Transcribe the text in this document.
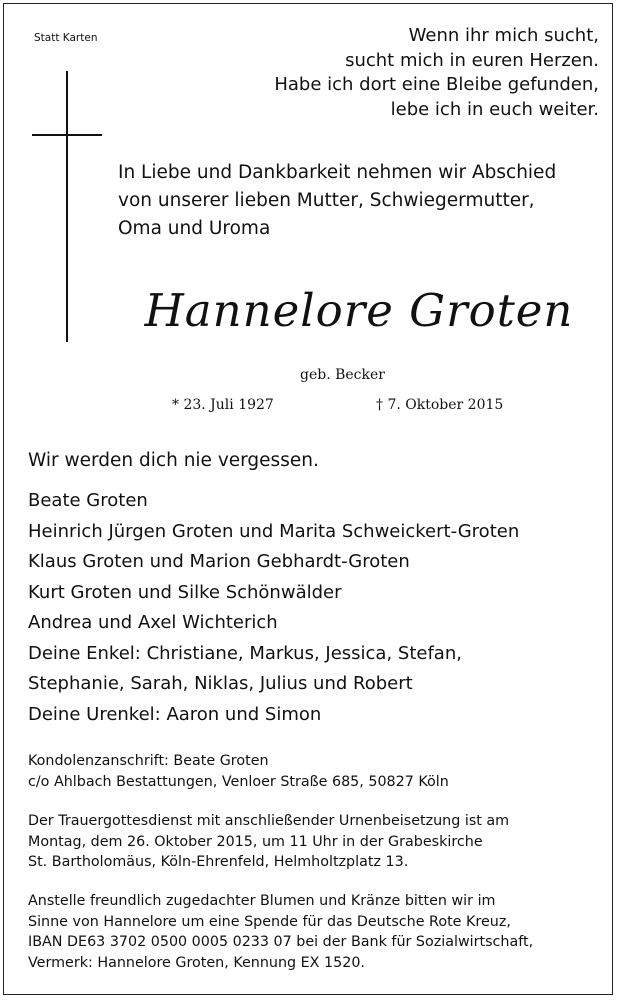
Statt Karten	Wenn ihr mich sucht,
sucht mich in euren Herzen.
Habe ich dort eine Bleibe gefunden,
lebe ich in euch weiter.
In Liebe und Dankbarkeit nehmen wir Abschied
von unserer lieben Mutter, Schwiegermutter,
Oma und Uroma
Hannelore Groten
geb. Becker
* 23. Juli 1927	† 7. Oktober 2015
Wir werden dich nie vergessen.
Beate Groten
Heinrich Jürgen Groten und Marita Schweickert-Groten
Klaus Groten und Marion Gebhardt-Groten
Kurt Groten und Silke Schönwälder
Andrea und Axel Wichterich
Deine Enkel: Christiane, Markus, Jessica, Stefan,
Stephanie, Sarah, Niklas, Julius und Robert
Deine Urenkel: Aaron und Simon
Kondolenzanschrift: Beate Groten
c/o Ahlbach Bestattungen, Venloer Straße 685, 50827 Köln
Der Trauergottesdienst mit anschließender Urnenbeisetzung ist am
Montag, dem 26. Oktober 2015, um 11 Uhr in der Grabeskirche
St. Bartholomäus, Köln-Ehrenfeld, Helmholtzplatz 13.
Anstelle freundlich zugedachter Blumen und Kränze bitten wir im
Sinne von Hannelore um eine Spende für das Deutsche Rote Kreuz,
IBAN DE63 3702 0500 0005 0233 07 bei der Bank für Sozialwirtschaft,
Vermerk: Hannelore Groten, Kennung EX 1520.
